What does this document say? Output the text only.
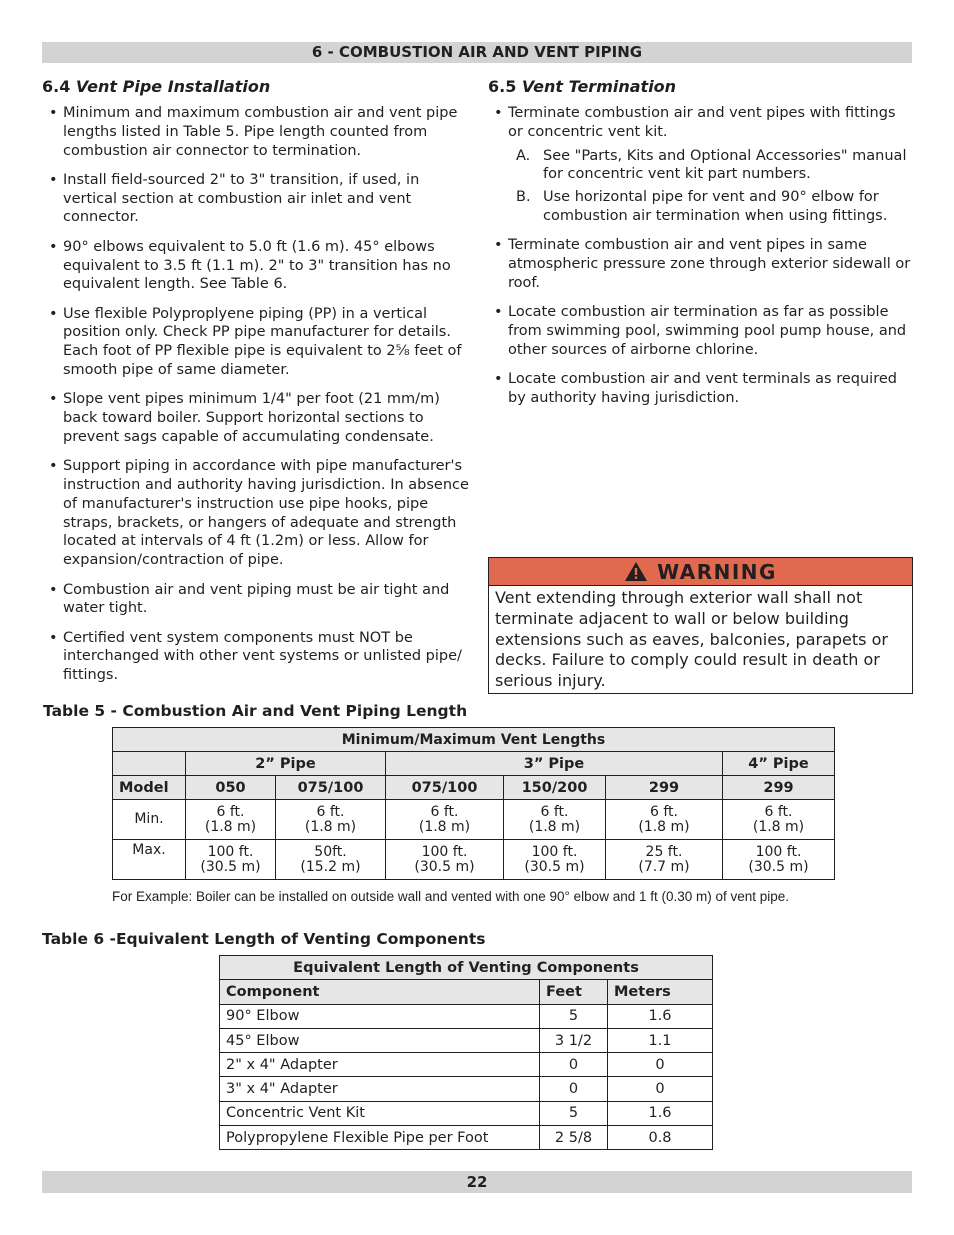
6 - COMBUSTION AIR AND VENT PIPING
6.4 Vent Pipe Installation
• Minimum and maximum combustion air and vent pipe lengths listed in Table 5. Pipe length counted from combustion air connector to termination.
• Install field-sourced 2" to 3" transition, if used, in vertical section at combustion air inlet and vent connector.
• 90° elbows equivalent to 5.0 ft (1.6 m). 45° elbows equivalent to 3.5 ft (1.1 m). 2" to 3" transition has no equivalent length. See Table 6.
• Use flexible Polyproplyene piping (PP) in a vertical position only. Check PP pipe manufacturer for details. Each foot of PP flexible pipe is equivalent to 2⅝ feet of smooth pipe of same diameter.
• Slope vent pipes minimum 1/4" per foot (21 mm/m) back toward boiler. Support horizontal sections to prevent sags capable of accumulating condensate.
• Support piping in accordance with pipe manufacturer's instruction and authority having jurisdiction. In absence of manufacturer's instruction use pipe hooks, pipe straps, brackets, or hangers of adequate and strength located at intervals of 4 ft (1.2m) or less. Allow for expansion/contraction of pipe.
• Combustion air and vent piping must be air tight and water tight.
• Certified vent system components must NOT be interchanged with other vent systems or unlisted pipe/ fittings.
6.5 Vent Termination
• Terminate combustion air and vent pipes with fittings or concentric vent kit.
A. See "Parts, Kits and Optional Accessories" manual for concentric vent kit part numbers.
B. Use horizontal pipe for vent and 90° elbow for combustion air termination when using fittings.
• Terminate combustion air and vent pipes in same atmospheric pressure zone through exterior sidewall or roof.
• Locate combustion air termination as far as possible from swimming pool, swimming pool pump house, and other sources of airborne chlorine.
• Locate combustion air and vent terminals as required by authority having jurisdiction.
WARNING
Vent extending through exterior wall shall not terminate adjacent to wall or below building extensions such as eaves, balconies, parapets or decks. Failure to comply could result in death or serious injury.
Table 5 - Combustion Air and Vent Piping Length
Minimum/Maximum Vent Lengths						
	2” Pipe		3” Pipe			4” Pipe
Model	050	075/100	075/100	150/200	299	299
Min.	6 ft.
(1.8 m)	6 ft.
(1.8 m)	6 ft.
(1.8 m)	6 ft.
(1.8 m)	6 ft.
(1.8 m)	6 ft.
(1.8 m)
Max.	100 ft.
(30.5 m)	50ft.
(15.2 m)	100 ft.
(30.5 m)	100 ft.
(30.5 m)	25 ft.
(7.7 m)	100 ft.
(30.5 m)
For Example: Boiler can be installed on outside wall and vented with one 90° elbow and 1 ft (0.30 m) of vent pipe.
Table 6 -Equivalent Length of Venting Components
Equivalent Length of Venting Components		
Component	Feet	Meters
90° Elbow	5	1.6
45° Elbow	3 1/2	1.1
2" x 4" Adapter	0	0
3" x 4" Adapter	0	0
Concentric Vent Kit	5	1.6
Polypropylene Flexible Pipe per Foot	2 5/8	0.8
22
